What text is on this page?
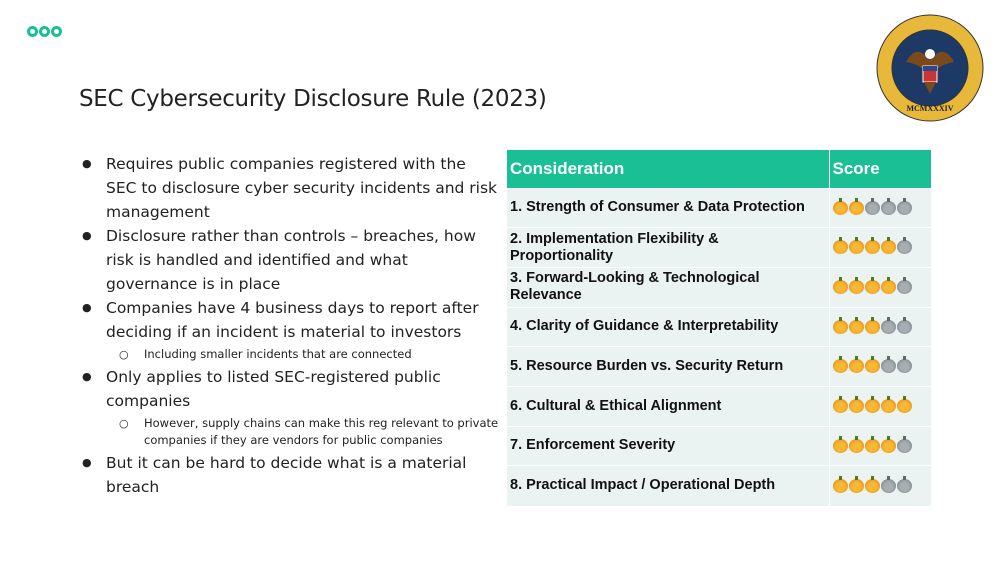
MCMXXXIV
SEC Cybersecurity Disclosure Rule (2023)
● Requires public companies registered with the SEC to disclosure cyber security incidents and risk management
● Disclosure rather than controls – breaches, how risk is handled and identified and what governance is in place
● Companies have 4 business days to report after deciding if an incident is material to investors
○ Including smaller incidents that are connected
● Only applies to listed SEC-registered public companies
○ However, supply chains can make this reg relevant to private companies if they are vendors for public companies
● But it can be hard to decide what is a material breach
Consideration	Score
1. Strength of Consumer & Data Protection	
2. Implementation Flexibility & Proportionality	
3. Forward-Looking & Technological Relevance	
4. Clarity of Guidance & Interpretability	
5. Resource Burden vs. Security Return	
6. Cultural & Ethical Alignment	
7. Enforcement Severity	
8. Practical Impact / Operational Depth	
